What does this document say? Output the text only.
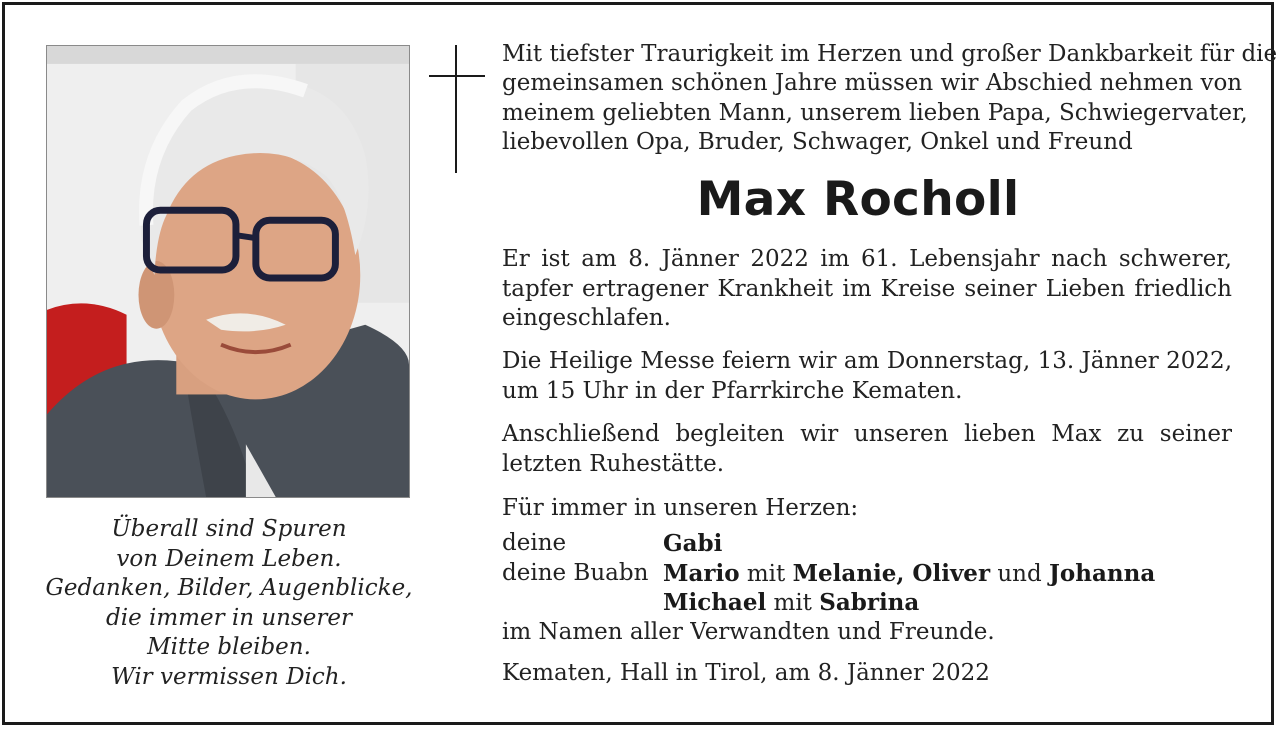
Überall sind Spuren
von Deinem Leben.
Gedanken, Bilder, Augenblicke,
die immer in unserer
Mitte bleiben.
Wir vermissen Dich.
Mit tiefster Traurigkeit im Herzen und großer Dankbarkeit für die
gemeinsamen schönen Jahre müssen wir Abschied nehmen von
meinem geliebten Mann, unserem lieben Papa, Schwiegervater,
liebevollen Opa, Bruder, Schwager, Onkel und Freund
Max Rocholl
Er ist am 8. Jänner 2022 im 61. Lebensjahr nach schwerer, tapfer ertragener Krankheit im Kreise seiner Lieben friedlich eingeschlafen.
Die Heilige Messe feiern wir am Donnerstag, 13. Jänner 2022, um 15 Uhr in der Pfarrkirche Kematen.
Anschließend begleiten wir unseren lieben Max zu seiner letzten Ruhestätte.
Für immer in unseren Herzen:
deine	Gabi
deine Buabn Mario mit Melanie, Oliver und Johanna
Michael mit Sabrina
im Namen aller Verwandten und Freunde.
Kematen, Hall in Tirol, am 8. Jänner 2022
